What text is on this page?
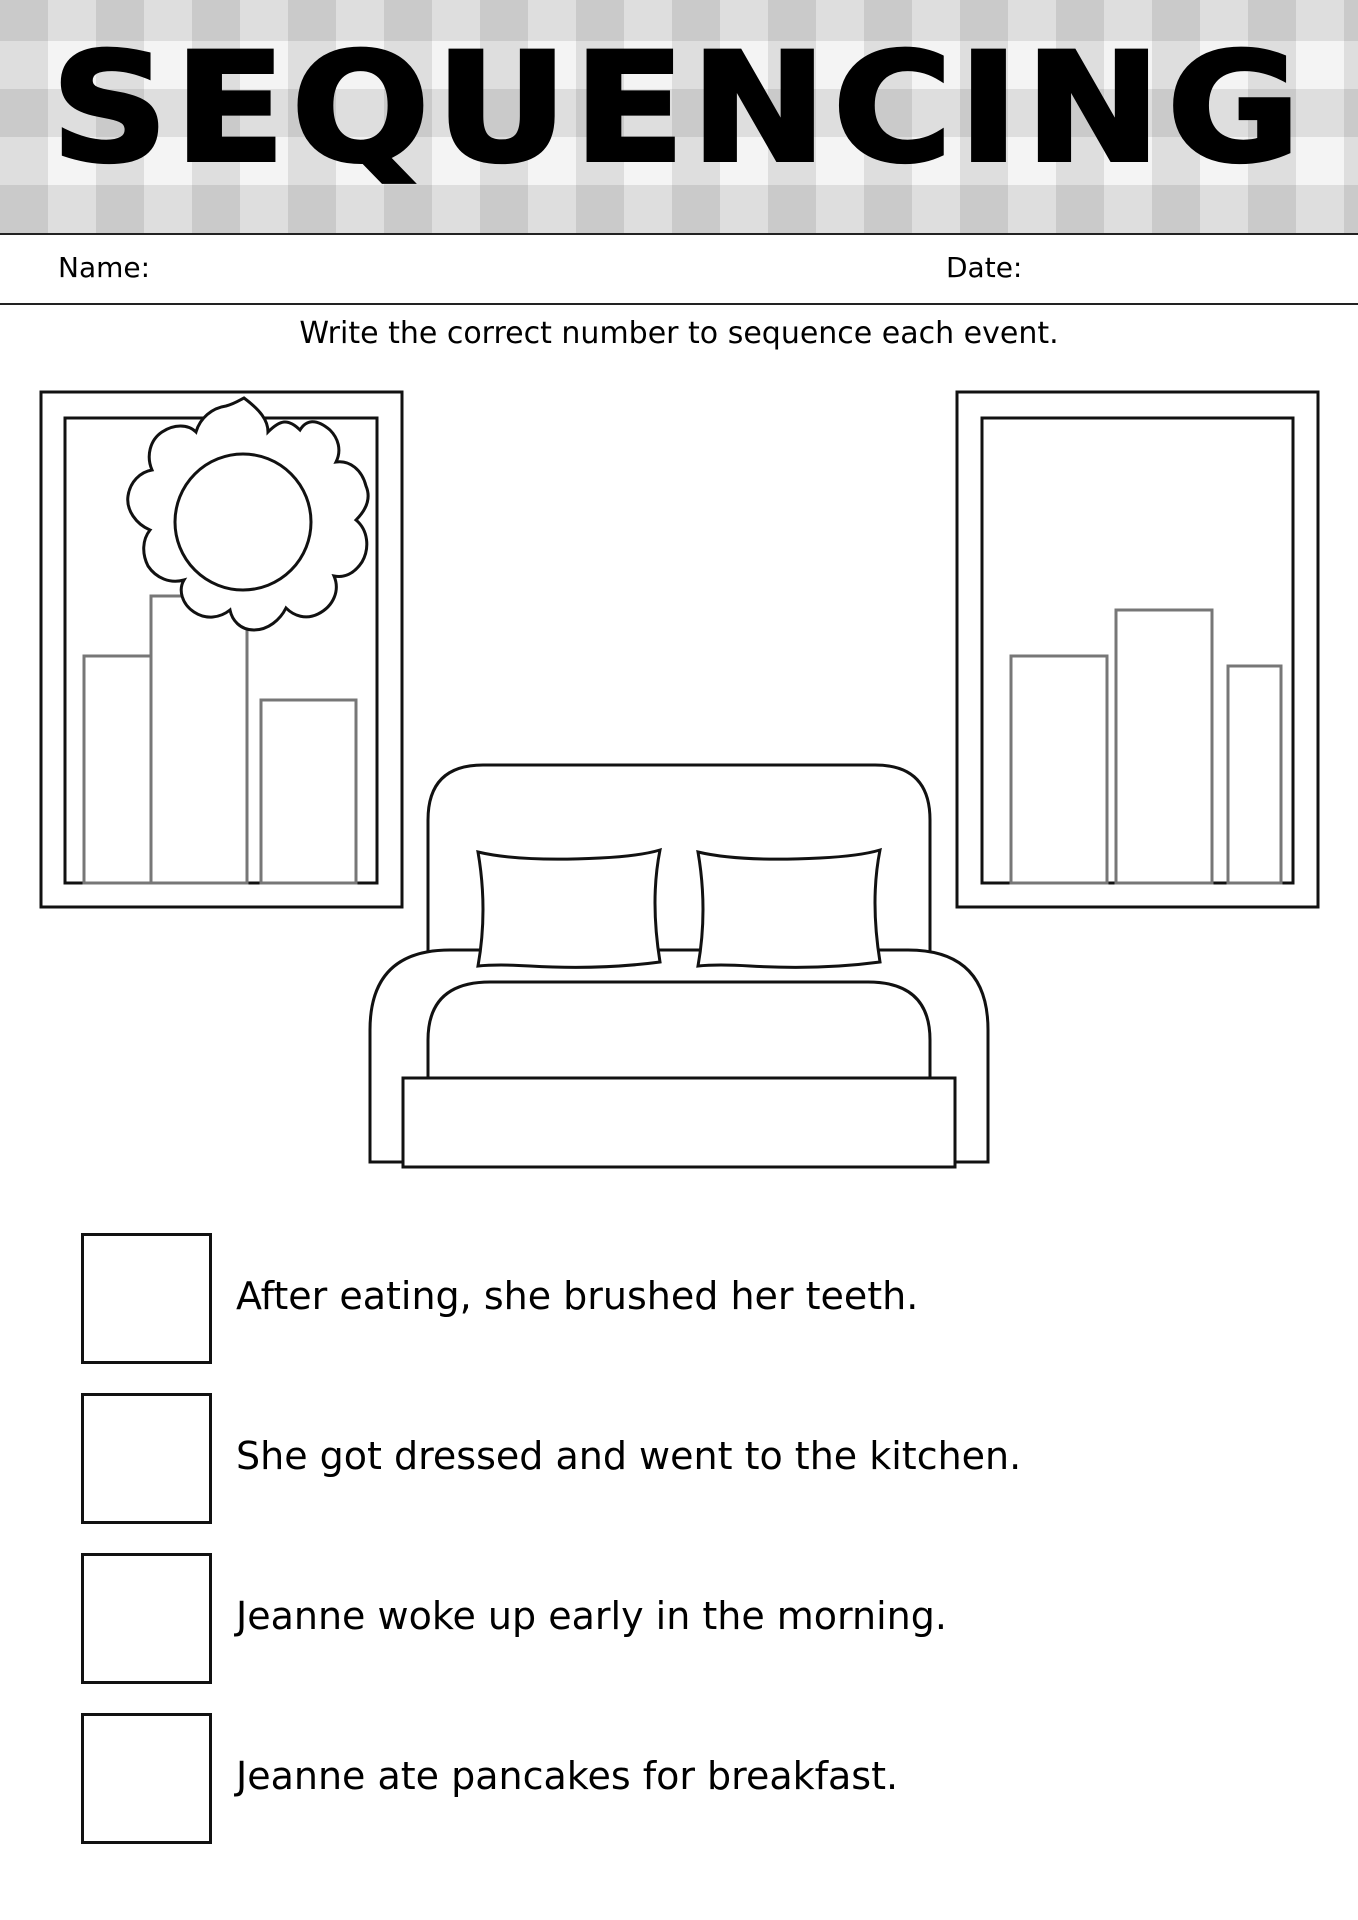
SEQUENCING
Name:	Date:
Write the correct number to sequence each event.
After eating, she brushed her teeth.
She got dressed and went to the kitchen.
Jeanne woke up early in the morning.
Jeanne ate pancakes for breakfast.
